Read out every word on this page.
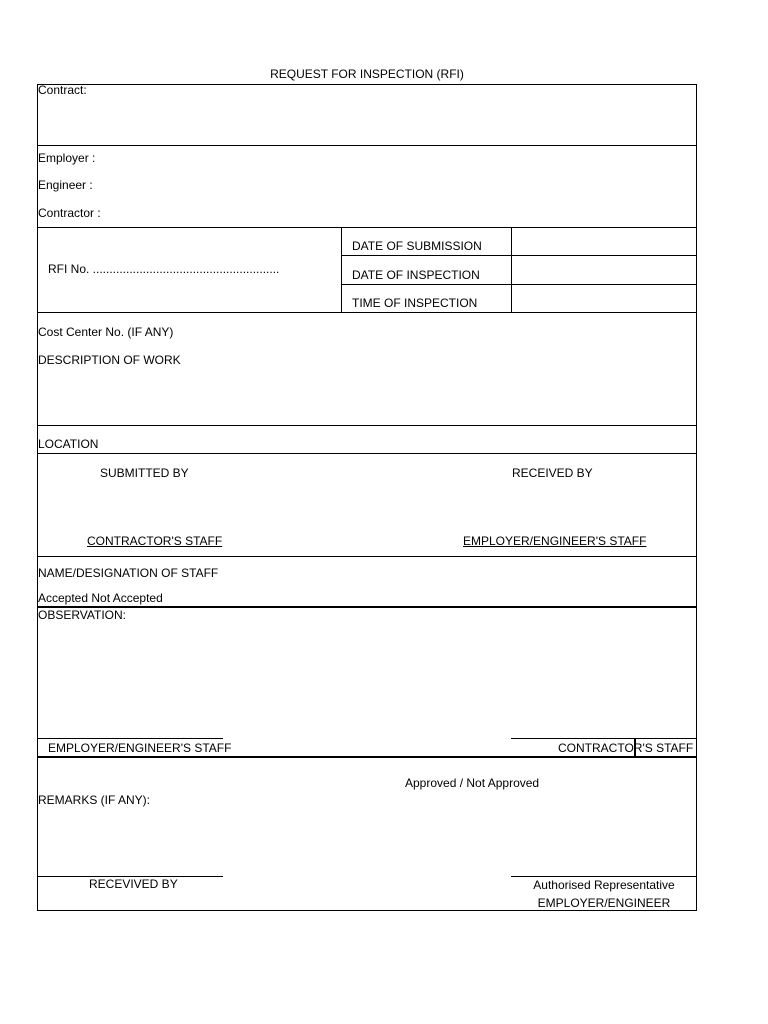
REQUEST FOR INSPECTION (RFI)
Contract:
Employer :
Engineer :
Contractor :
RFI No. ........................................................
DATE OF SUBMISSION
DATE OF INSPECTION
TIME OF INSPECTION
Cost Center No. (IF ANY)
DESCRIPTION OF WORK
LOCATION
SUBMITTED BY	RECEIVED BY
CONTRACTOR'S STAFF	EMPLOYER/ENGINEER'S STAFF
NAME/DESIGNATION OF STAFF
Accepted Not Accepted
OBSERVATION:
EMPLOYER/ENGINEER'S STAFF	CONTRACTOR'S STAFF
Approved / Not Approved
REMARKS (IF ANY):
RECEVIVED BY	Authorised Representative
EMPLOYER/ENGINEER
